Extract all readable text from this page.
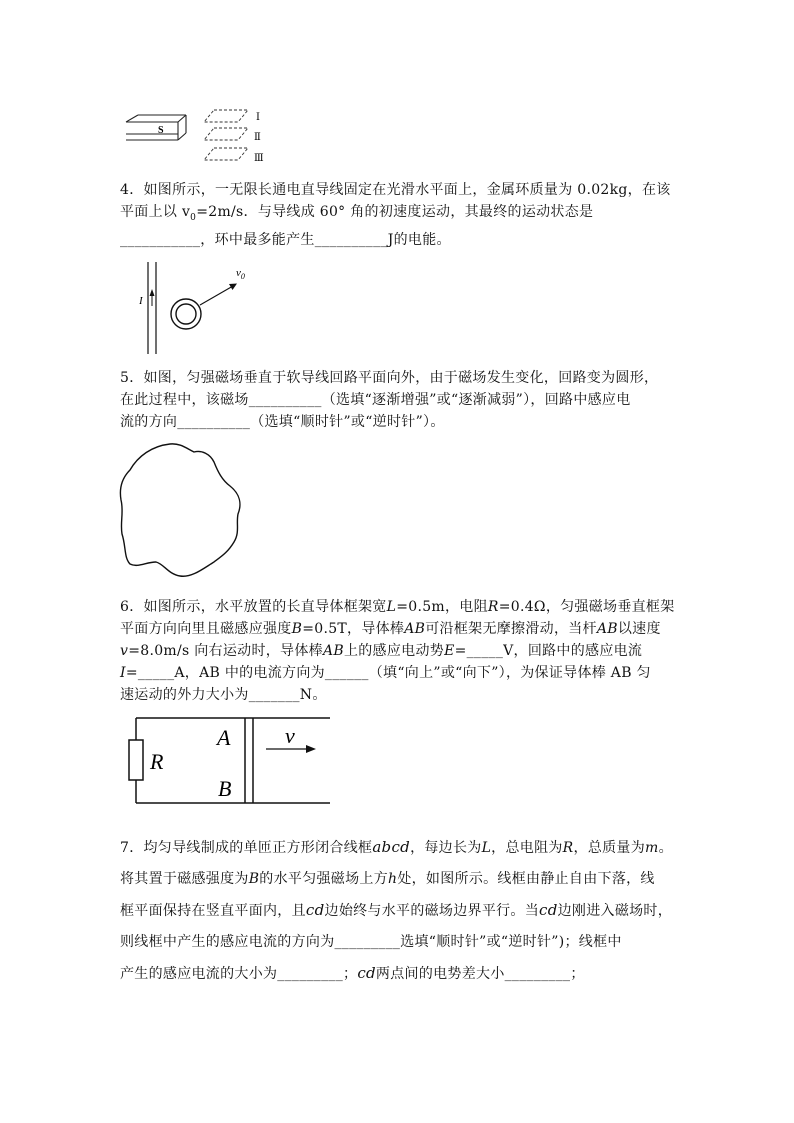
S
Ⅰ
Ⅱ
Ⅲ
4．如图所示，一无限长通电直导线固定在光滑水平面上，金属环质量为 0.02kg，在该
平面上以 $v_0=2m/s$．与导线成 60° 角的初速度运动，其最终的运动状态是
___________，环中最多能产生__________J的电能。
I
$v_0$
5．如图，匀强磁场垂直于软导线回路平面向外，由于磁场发生变化，回路变为圆形，
在此过程中，该磁场__________（选填“逐渐增强”或“逐渐减弱”），回路中感应电
流的方向__________（选填“顺时针”或“逆时针”）。
6．如图所示，水平放置的长直导体框架宽L=0.5m，电阻R=0.4Ω，匀强磁场垂直框架
平面方向向里且磁感应强度B=0.5T，导体棒AB可沿框架无摩擦滑动，当杆AB以速度
v=8.0m/s 向右运动时，导体棒AB上的感应电动势E=_____V，回路中的感应电流
I=_____A，AB 中的电流方向为______（填“向上”或“向下”），为保证导体棒 AB 匀
速运动的外力大小为_______N。
R
A
B
v
7．均匀导线制成的单匝正方形闭合线框abcd，每边长为L，总电阻为R，总质量为m。
将其置于磁感强度为B的水平匀强磁场上方h处，如图所示。线框由静止自由下落，线
框平面保持在竖直平面内，且cd边始终与水平的磁场边界平行。当cd边刚进入磁场时，
则线框中产生的感应电流的方向为_________选填“顺时针”或“逆时针”)；线框中
产生的感应电流的大小为_________；cd两点间的电势差大小_________；
